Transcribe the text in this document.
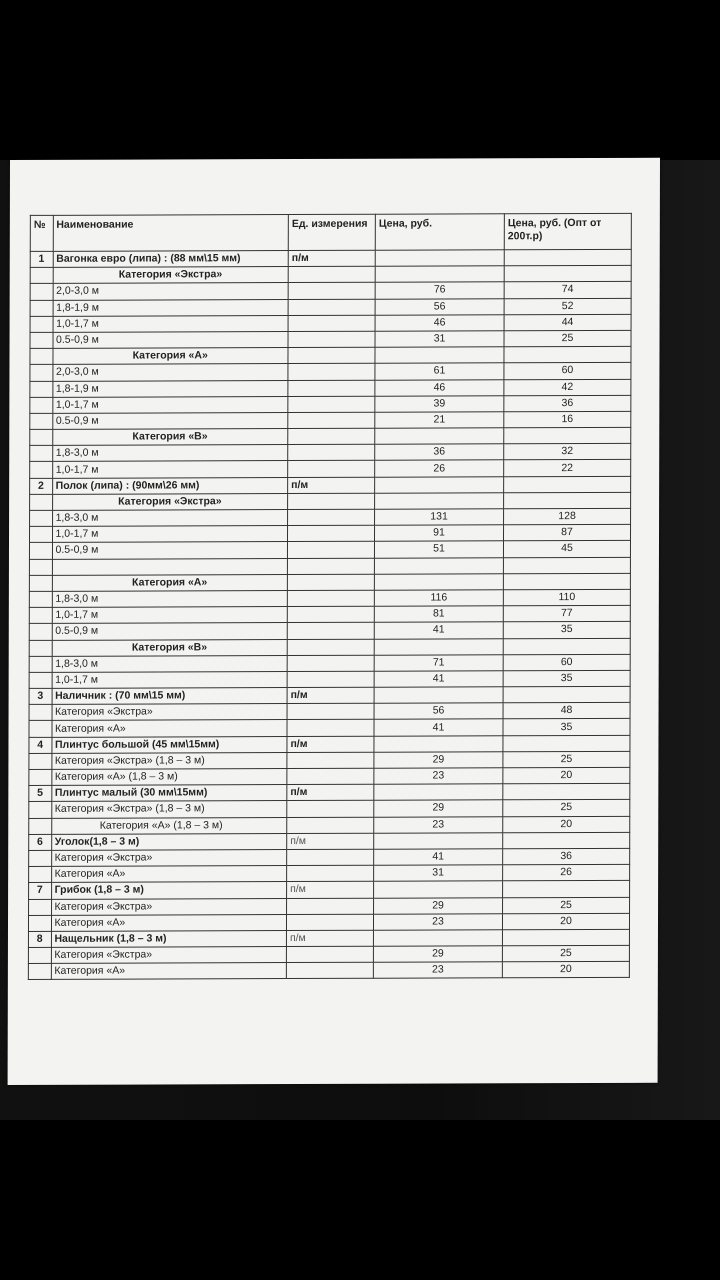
№	Наименование	Ед. измерения	Цена, руб.	Цена, руб. (Опт от 200т.р)
1	Вагонка евро (липа) : (88 мм\15 мм)	п/м		
	Категория «Экстра»			
	2,0-3,0 м		76	74
	1,8-1,9 м		56	52
	1,0-1,7 м		46	44
	0.5-0,9 м		31	25
	Категория «А»			
	2,0-3,0 м		61	60
	1,8-1,9 м		46	42
	1,0-1,7 м		39	36
	0.5-0,9 м		21	16
	Категория «В»			
	1,8-3,0 м		36	32
	1,0-1,7 м		26	22
2	Полок (липа) : (90мм\26 мм)	п/м		
	Категория «Экстра»			
	1,8-3,0 м		131	128
	1,0-1,7 м		91	87
	0.5-0,9 м		51	45

	Категория «А»			
	1,8-3,0 м		116	110
	1,0-1,7 м		81	77
	0.5-0,9 м		41	35
	Категория «В»			
	1,8-3,0 м		71	60
	1,0-1,7 м		41	35
3	Наличник : (70 мм\15 мм)	п/м		
	Категория «Экстра»		56	48
	Категория «А»		41	35
4	Плинтус большой (45 мм\15мм)	п/м		
	Категория «Экстра» (1,8 – 3 м)		29	25
	Категория «А» (1,8 – 3 м)		23	20
5	Плинтус малый (30 мм\15мм)	п/м		
	Категория «Экстра» (1,8 – 3 м)		29	25
	Категория «А» (1,8 – 3 м)		23	20
6	Уголок(1,8 – 3 м)	п/м		
	Категория «Экстра»		41	36
	Категория «А»		31	26
7	Грибок (1,8 – 3 м)	п/м		
	Категория «Экстра»		29	25
	Категория «А»		23	20
8	Нащельник (1,8 – 3 м)	п/м		
	Категория «Экстра»		29	25
	Категория «А»		23	20
